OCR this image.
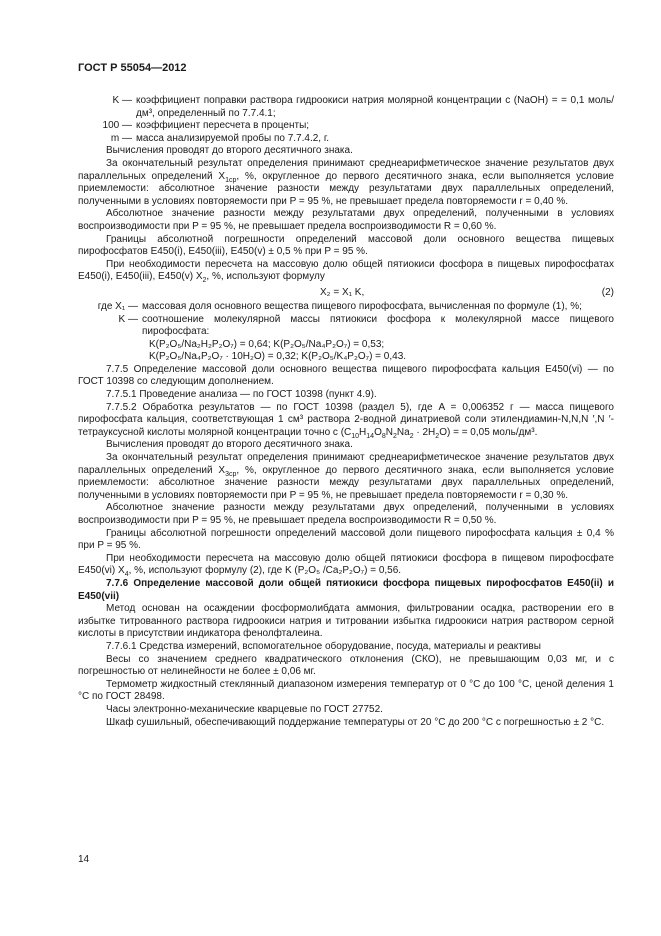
ГОСТ Р 55054—2012
K — коэффициент поправки раствора гидроокиси натрия молярной концентрации c (NaOH) = = 0,1 моль/дм³, определенный по 7.7.4.1;
100 — коэффициент пересчета в проценты;
m — масса анализируемой пробы по 7.7.4.2, г.

Вычисления проводят до второго десятичного знака.

За окончательный результат определения принимают среднеарифметическое значение результатов двух параллельных определений $X_{1ср}$, %, округленное до первого десятичного знака, если выполняется условие приемлемости: абсолютное значение разности между результатами двух параллельных определений, полученными в условиях повторяемости при P = 95 %, не превышает предела повторяемости r = 0,40 %.

Абсолютное значение разности между результатами двух определений, полученными в условиях воспроизводимости при P = 95 %, не превышает предела воспроизводимости R = 0,60 %.

Границы абсолютной погрешности определений массовой доли основного вещества пищевых пирофосфатов Е450(i), Е450(iii), Е450(v) ± 0,5 % при P = 95 %.

При необходимости пересчета на массовую долю общей пятиокиси фосфора в пищевых пирофосфатах Е450(i), Е450(iii), Е450(v) $X_2$, %, используют формулу

X₂ = X₁ K,	(2)
где X₁ — массовая доля основного вещества пищевого пирофосфата, вычисленная по формуле (1), %;
K — соотношение молекулярной массы пятиокиси фосфора к молекулярной массе пищевого пирофосфата:

K(P₂O₅/Na₂H₂P₂O₇) = 0,64; K(P₂O₅/Na₄P₂O₇) = 0,53;

K(P₂O₅/Na₄P₂O₇ · 10H₂O) = 0,32; K(P₂O₅/K₄P₂O₇) = 0,43.

7.7.5 Определение массовой доли основного вещества пищевого пирофосфата кальция Е450(vi) — по ГОСТ 10398 со следующим дополнением.

7.7.5.1 Проведение анализа — по ГОСТ 10398 (пункт 4.9).

7.7.5.2 Обработка результатов — по ГОСТ 10398 (раздел 5), где A = 0,006352 г — масса пищевого пирофосфата кальция, соответствующая 1 см³ раствора 2-водной динатриевой соли этилендиамин-N,N,N ′,N ′-тетрауксусной кислоты молярной концентрации точно c $(C_{10}H_{14}O_8N_2Na_2 \cdot 2H_2O)$ = = 0,05 моль/дм³.

Вычисления проводят до второго десятичного знака.

За окончательный результат определения принимают среднеарифметическое значение результатов двух параллельных определений $X_{3ср}$, %, округленное до первого десятичного знака, если выполняется условие приемлемости: абсолютное значение разности между результатами двух параллельных определений, полученными в условиях повторяемости при P = 95 %, не превышает предела повторяемости r = 0,30 %.

Абсолютное значение разности между результатами двух определений, полученными в условиях воспроизводимости при P = 95 %, не превышает предела воспроизводимости R = 0,50 %.

Границы абсолютной погрешности определений массовой доли пищевого пирофосфата кальция ± 0,4 % при P = 95 %.

При необходимости пересчета на массовую долю общей пятиокиси фосфора в пищевом пирофосфате Е450(vi) $X_4$, %, используют формулу (2), где K (P₂O₅ /Ca₂P₂O₇) = 0,56.

7.7.6 Определение массовой доли общей пятиокиси фосфора пищевых пирофосфатов Е450(ii) и Е450(vii)

Метод основан на осаждении фосформолибдата аммония, фильтровании осадка, растворении его в избытке титрованного раствора гидроокиси натрия и титровании избытка гидроокиси натрия раствором серной кислоты в присутствии индикатора фенолфталеина.

7.7.6.1 Средства измерений, вспомогательное оборудование, посуда, материалы и реактивы

Весы со значением среднего квадратического отклонения (СКО), не превышающим 0,03 мг, и с погрешностью от нелинейности не более ± 0,06 мг.

Термометр жидкостный стеклянный диапазоном измерения температур от 0 °С до 100 °С, ценой деления 1 °С по ГОСТ 28498.

Часы электронно-механические кварцевые по ГОСТ 27752.

Шкаф сушильный, обеспечивающий поддержание температуры от 20 °С до 200 °С с погрешностью ± 2 °С.

14
